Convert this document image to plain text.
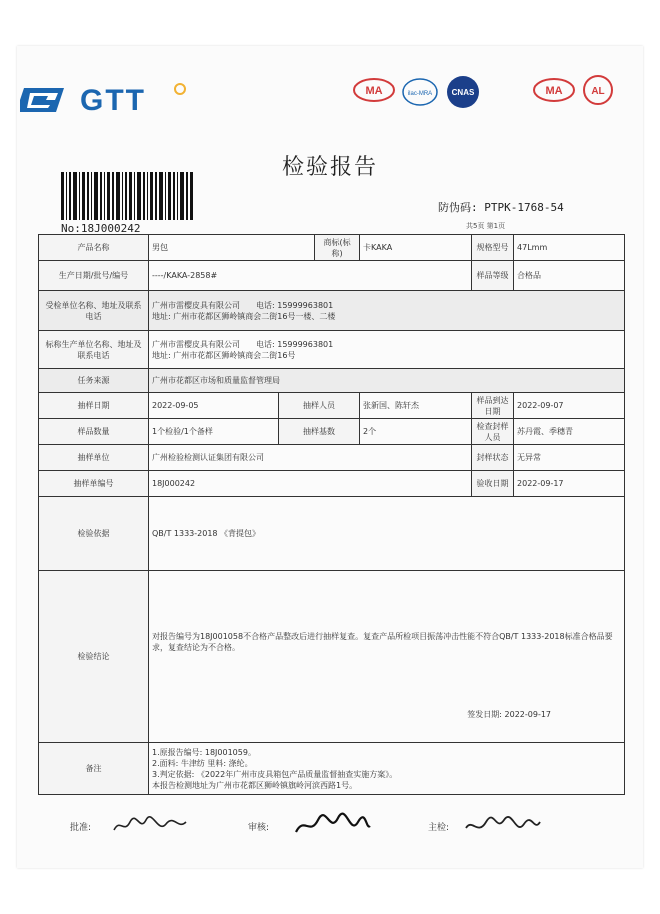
GTT	MA	ilac-MRA CNAS	MA	AL
检验报告
No:18J000242
防伪码: PTPK-1768-54
共5页 第1页
产品名称	男包		商标(标称)	卡KAKA	规格型号	47Lmm
生产日期/批号/编号	----/KAKA-2858#				样品等级	合格品
受检单位名称、地址及联系电话	广州市雷樱皮具有限公司　　电话: 15999963801
地址: 广州市花都区狮岭镇商会二街16号一楼、二楼					

标称生产单位名称、地址及联系电话	广州市雷樱皮具有限公司　　电话: 15999963801
地址: 广州市花都区狮岭镇商会二街16号					

任务来源	广州市花都区市场和质量监督管理局					
抽样日期	2022-09-05	抽样人员		张新国、陈轩杰	样品到达日期	2022-09-07
样品数量	1个检验/1个备样	抽样基数		2个	检查封样人员	苏丹霞、季穗青
抽样单位	广州检验检测认证集团有限公司				封样状态	无异常
抽样单编号	18J000242				验收日期	2022-09-17
检验依据	QB/T 1333-2018 《背提包》					
检验结论	对报告编号为18J001058不合格产品整改后进行抽样复查。复查产品所检项目振荡冲击性能不符合QB/T 1333-2018标准合格品要求，复查结论为不合格。
签发日期: 2022-09-17					

备注	1.原报告编号: 18J001059。
2.面料: 牛津纺 里料: 涤纶。
3.判定依据: 《2022年广州市皮具箱包产品质量监督抽查实施方案》。
本报告检测地址为广州市花都区狮岭镇旗岭河滨西路1号。					
批准:	审核:	主检:
